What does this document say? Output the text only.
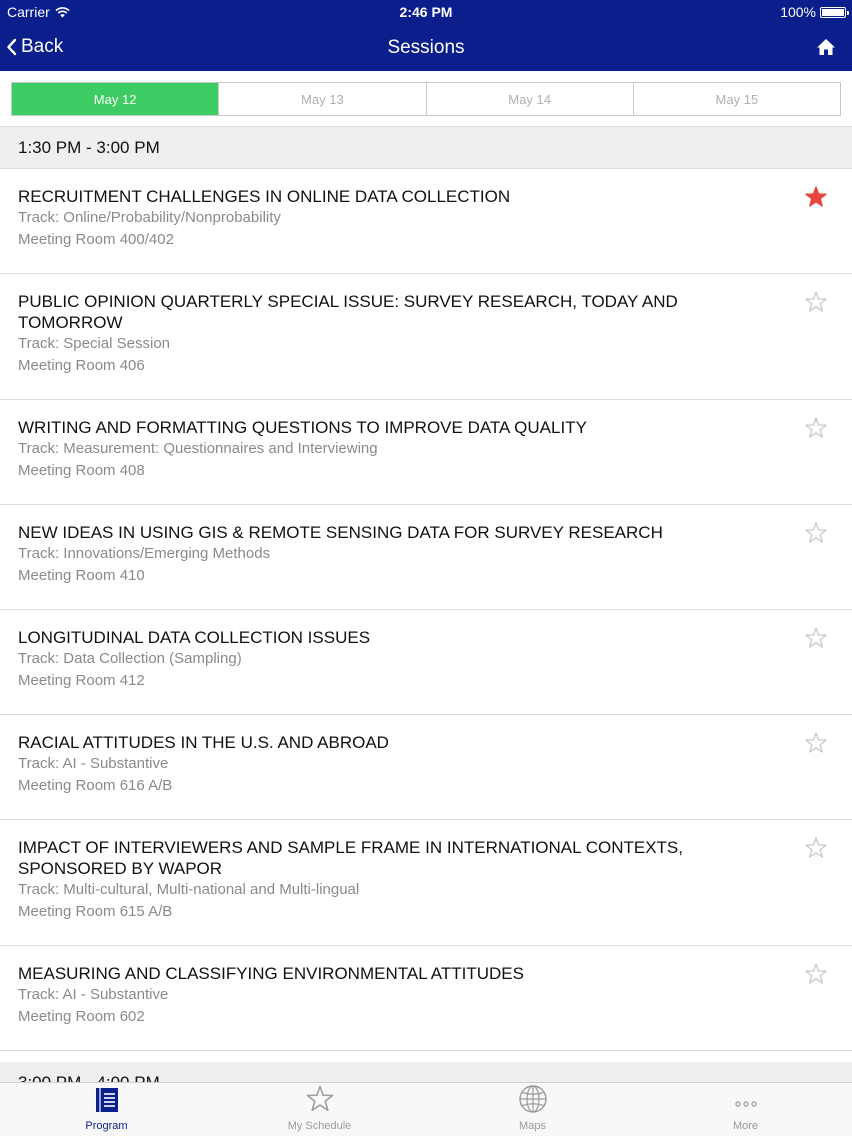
Carrier	2:46 PM	100%
Back	Sessions
May 12	May 13	May 14	May 15
1:30 PM - 3:00 PM
RECRUITMENT CHALLENGES IN ONLINE DATA COLLECTION
Track: Online/Probability/Nonprobability
Meeting Room 400/402
PUBLIC OPINION QUARTERLY SPECIAL ISSUE: SURVEY RESEARCH, TODAY AND TOMORROW
Track: Special Session
Meeting Room 406
WRITING AND FORMATTING QUESTIONS TO IMPROVE DATA QUALITY
Track: Measurement: Questionnaires and Interviewing
Meeting Room 408
NEW IDEAS IN USING GIS & REMOTE SENSING DATA FOR SURVEY RESEARCH
Track: Innovations/Emerging Methods
Meeting Room 410
LONGITUDINAL DATA COLLECTION ISSUES
Track: Data Collection (Sampling)
Meeting Room 412
RACIAL ATTITUDES IN THE U.S. AND ABROAD
Track: AI - Substantive
Meeting Room 616 A/B
IMPACT OF INTERVIEWERS AND SAMPLE FRAME IN INTERNATIONAL CONTEXTS, SPONSORED BY WAPOR
Track: Multi-cultural, Multi-national and Multi-lingual
Meeting Room 615 A/B
MEASURING AND CLASSIFYING ENVIRONMENTAL ATTITUDES
Track: AI - Substantive
Meeting Room 602
Program	My Schedule	Maps	More
